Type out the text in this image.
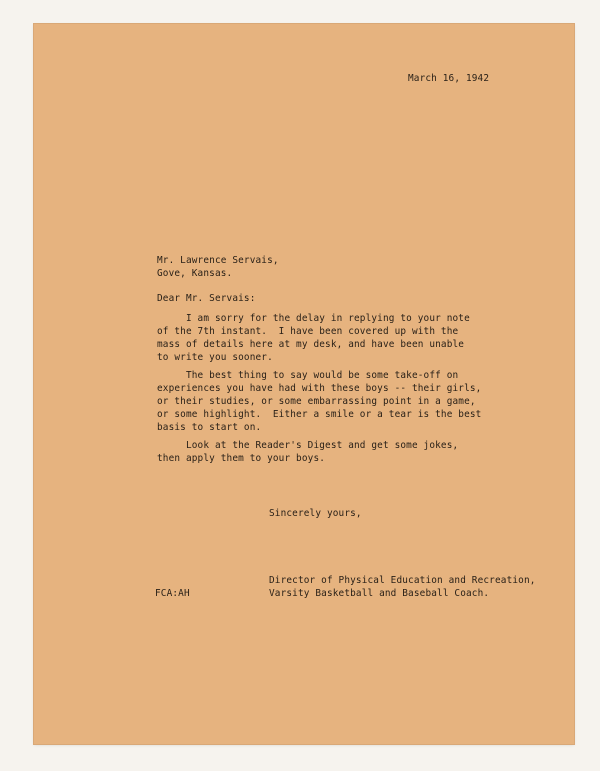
March 16, 1942
Mr. Lawrence Servais,
Gove, Kansas.
Dear Mr. Servais:
I am sorry for the delay in replying to your note
of the 7th instant.  I have been covered up with the
mass of details here at my desk, and have been unable
to write you sooner.
The best thing to say would be some take-off on
experiences you have had with these boys -- their girls,
or their studies, or some embarrassing point in a game,
or some highlight.  Either a smile or a tear is the best
basis to start on.
Look at the Reader's Digest and get some jokes,
then apply them to your boys.
Sincerely yours,
Director of Physical Education and Recreation,
FCA:AH	Varsity Basketball and Baseball Coach.
